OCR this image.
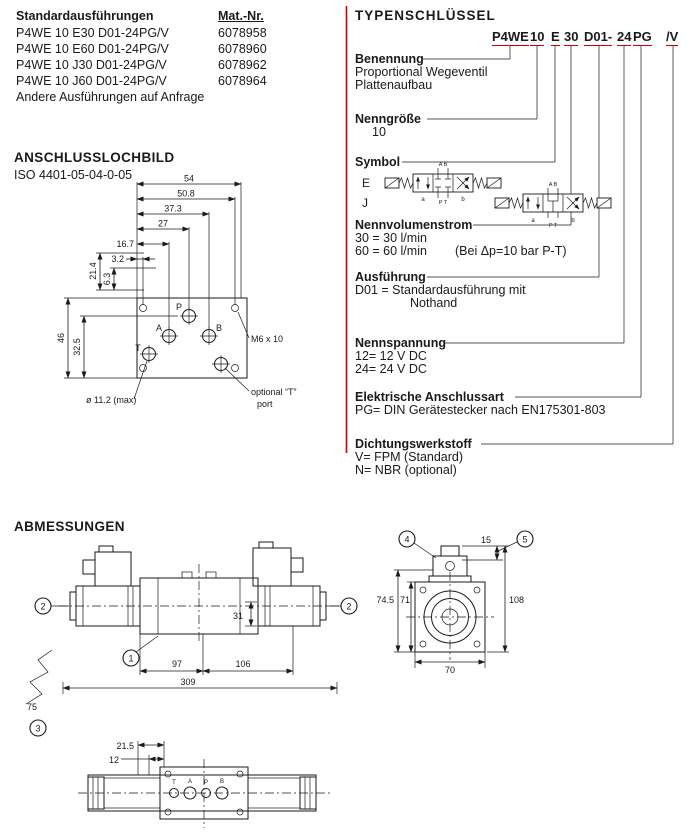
Standardausführungen	Mat.-Nr.
P4WE 10 E30 D01-24PG/V	6078958
P4WE 10 E60 D01-24PG/V	6078960
P4WE 10 J30 D01-24PG/V	6078962
P4WE 10 J60 D01-24PG/V	6078964
Andere Ausführungen auf Anfrage
ANSCHLUSSLOCHBILD
ISO 4401-05-04-0-05	54
50.8
37.3
27
16.7
3.2
46
32.5
21.4 6.3
P
A	B
T
M6 x 10
optional “T”
port
ø 11.2 (max)
E
A B
P T
a	b
J
A B
P T
a	b
TYPENSCHLÜSSEL
P4WE 10 E 30 D01- 24 PG /V
Benennung
Proportional Wegeventil
Plattenaufbau
Nenngröße
10
Symbol
Nennvolumenstrom
30 = 30 l/min
60 = 60 l/min (Bei Δp=10 bar P-T)
Ausführung
D01 = Standardausführung mit
Nothand
Nennspannung
12= 12 V DC
24= 24 V DC
Elektrische Anschlussart
PG= DIN Gerätestecker nach EN175301-803
Dichtungswerkstoff
V= FPM (Standard)
N= NBR (optional)
ABMESSUNGEN
31
97	106
309
75
2	2
1
3
15
108
74.5 71
70
4	5
T A P B
21.5
12
